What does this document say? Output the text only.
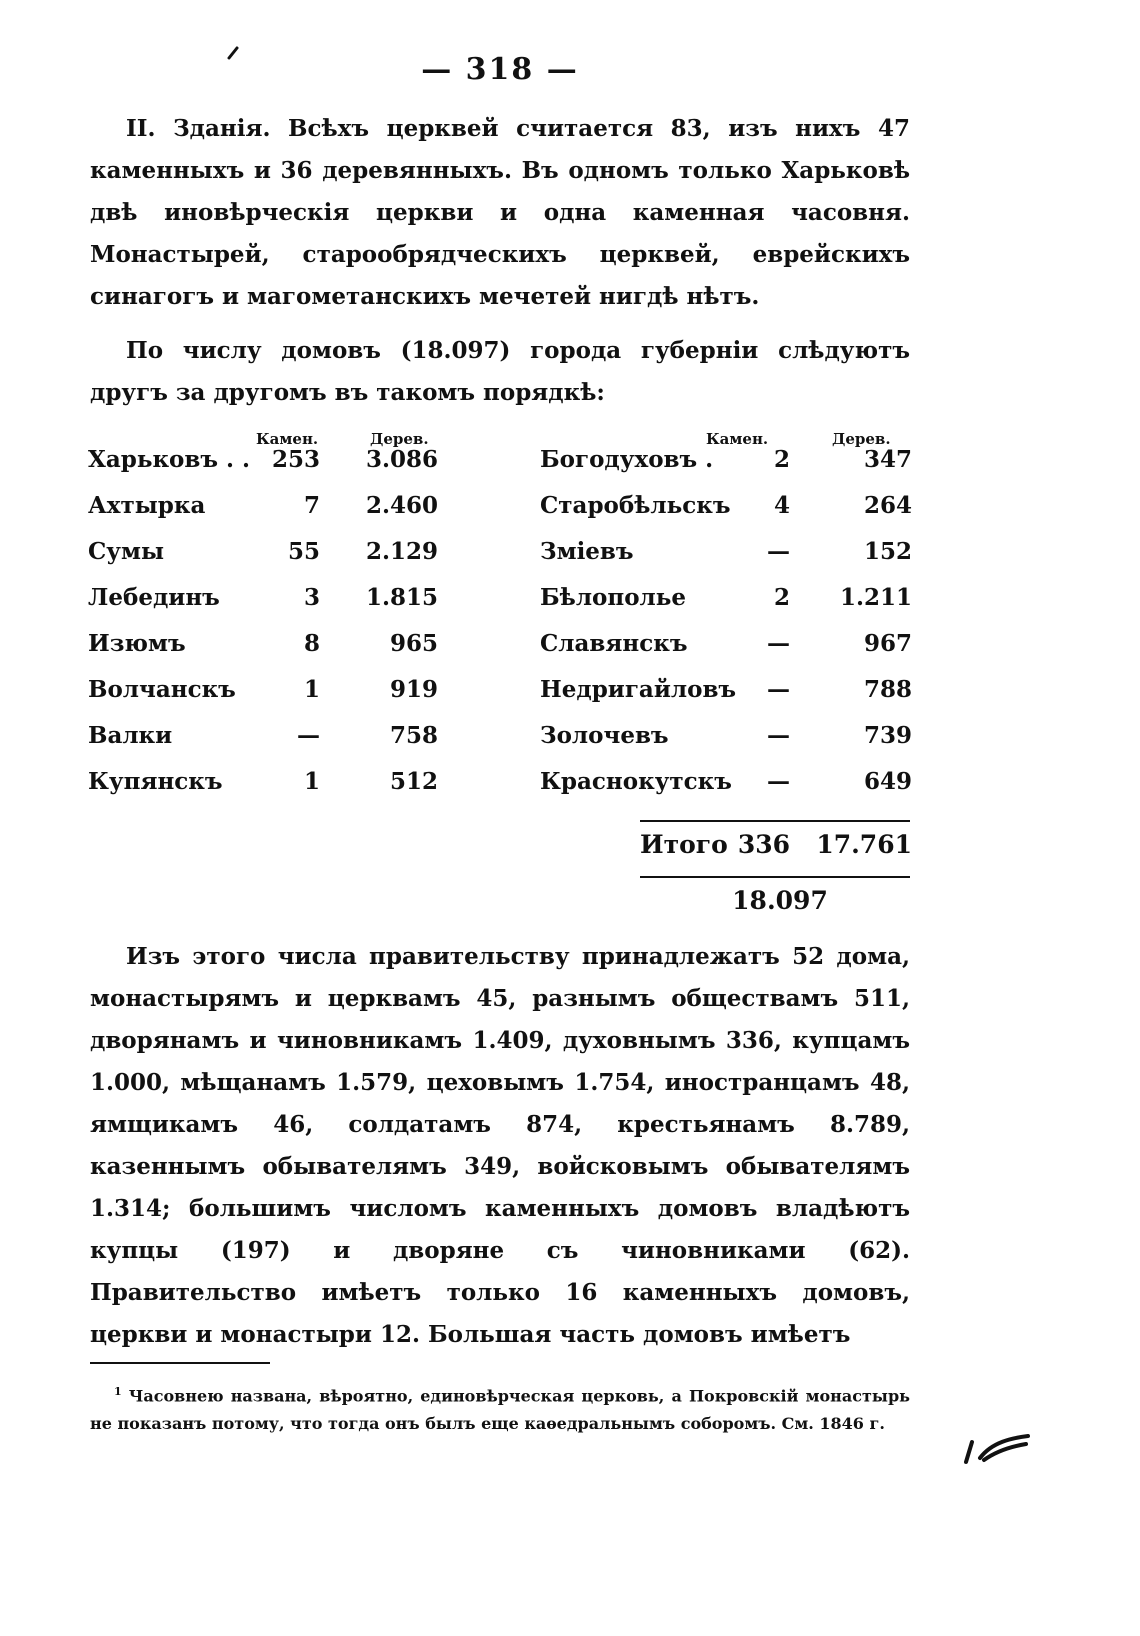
— 318 —
II. Зданія. Всѣхъ церквей считается 83, изъ нихъ 47 каменныхъ и 36 деревянныхъ. Въ одномъ только Харьковѣ двѣ иновѣрческія церкви и одна каменная часовня. Монастырей, старообрядческихъ церквей, еврейскихъ синагогъ и магометанскихъ мечетей нигдѣ нѣтъ.
По числу домовъ (18.097) города губерніи слѣдуютъ другъ за другомъ въ такомъ порядкѣ:
Камен.	Дерев.	Камен.	Дерев.
Харьковъ . . 253	3.086
Ахтырка	7	2.460
Сумы	55	2.129
Лебединъ	3	1.815
Изюмъ	8	965
Волчанскъ	1	919
Валки	—	758
Купянскъ	1	512
Богодуховъ .	2	347
Старобѣльскъ	4	264
Змiевъ	—	152
Бѣлополье	2	1.211
Славянскъ	—	967
Недригайловъ	—	788
Золочевъ	—	739
Краснокутскъ	—	649
Итого 336	17.761
18.097
Изъ этого числа правительству принадлежатъ 52 дома, монастырямъ и церквамъ 45, разнымъ обществамъ 511, дворянамъ и чиновникамъ 1.409, духовнымъ 336, купцамъ 1.000, мѣщанамъ 1.579, цеховымъ 1.754, иностранцамъ 48, ямщикамъ 46, солдатамъ 874, крестьянамъ 8.789, казеннымъ обывателямъ 349, войсковымъ обывателямъ 1.314; большимъ числомъ каменныхъ домовъ владѣютъ купцы (197) и дворяне съ чиновниками (62). Правительство имѣетъ только 16 каменныхъ домовъ, церкви и монастыри 12. Большая часть домовъ имѣетъ
$^1$ Часовнею названа, вѣроятно, единовѣрческая церковь, а Покровскій монастырь не показанъ потому, что тогда онъ былъ еще каѳедральнымъ соборомъ. См. 1846 г.
